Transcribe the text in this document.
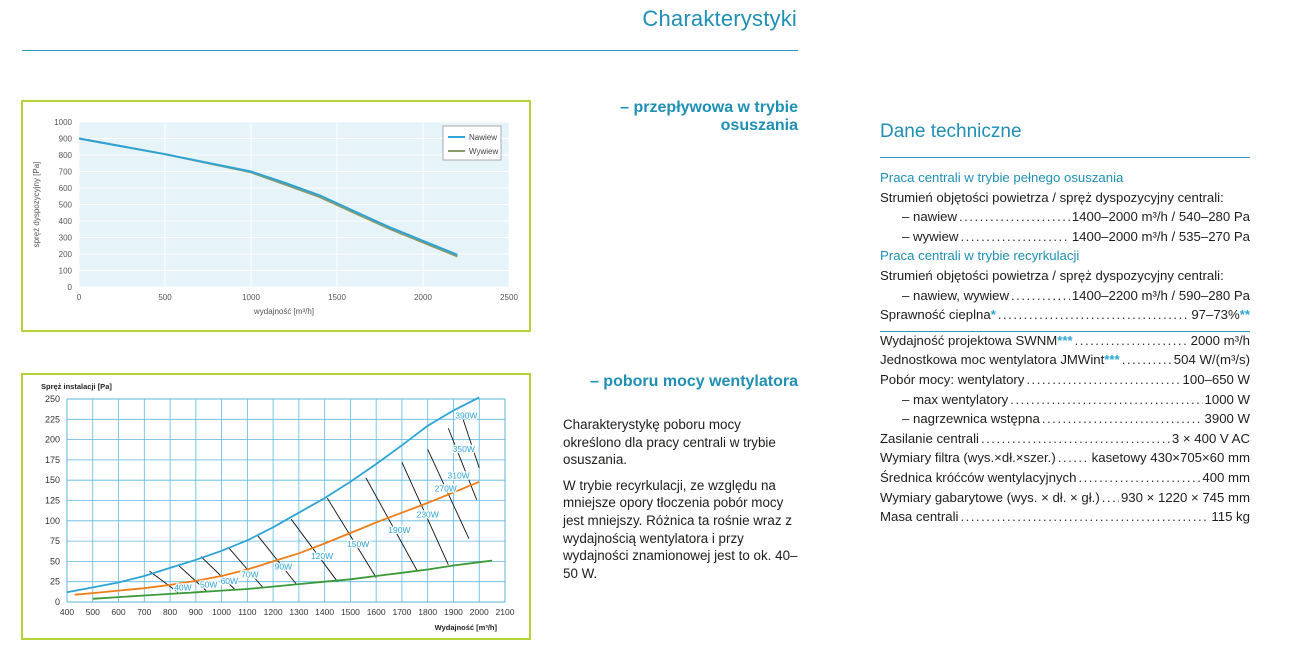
Charakterystyki
0
100
200
300
400
500
600
700
800
900
1000
0	500	1000	1500	2000	2500
wydajność [m³/h]
spręż dyspozycyjny [Pa]
Nawiew
Wywiew
0
25
50
75
100
125
150
175
200
225
250
400 500 600 700 800 900 1000 1100 1200 1300 1400 1500 1600 1700 1800 1900 2000 2100
Spręż instalacji [Pa]
Wydajność [m³/h]
40W 50W 60W
70W
90W
120W
150W
190W
230W
270W
310W
350W
390W
– przepływowa w trybie osuszania
– poboru mocy wentylatora

Charakterystykę poboru mocy określono dla pracy centrali w trybie osuszania.

W trybie recyrkulacji, ze względu na mniejsze opory tłoczenia pobór mocy jest mniejszy. Różnica ta rośnie wraz z wydajnością wentylatora i przy wydajności znamionowej jest to ok. 40–50 W.

Dane techniczne
Praca centrali w trybie pełnego osuszania
Strumień objętości powietrza / spręż dyspozycyjny centrali:
– nawiew .....	1400–2000 m³/h / 540–280 Pa
– wywiew .....	1400–2000 m³/h / 535–270 Pa
Praca centrali w trybie recyrkulacji
Strumień objętości powietrza / spręż dyspozycyjny centrali:
– nawiew, wywiew .....	1400–2200 m³/h / 590–280 Pa
Sprawność cieplna * .....	97–73% **
Wydajność projektowa SWNM *** .....	2000 m³/h
Jednostkowa moc wentylatora JMWint *** .....	504 W/(m³/s)
Pobór mocy: wentylatory .....	100–650 W
– max wentylatory .....	1000 W
– nagrzewnica wstępna .....	3900 W
Zasilanie centrali .....	3 × 400 V AC
Wymiary filtra (wys.×dł.×szer.) .....	kasetowy 430×705×60 mm
Średnica króćców wentylacyjnych .....	400 mm
Wymiary gabarytowe (wys. × dł. × gł.) ..... 930 × 1220 × 745 mm
Masa centrali .....	115 kg
